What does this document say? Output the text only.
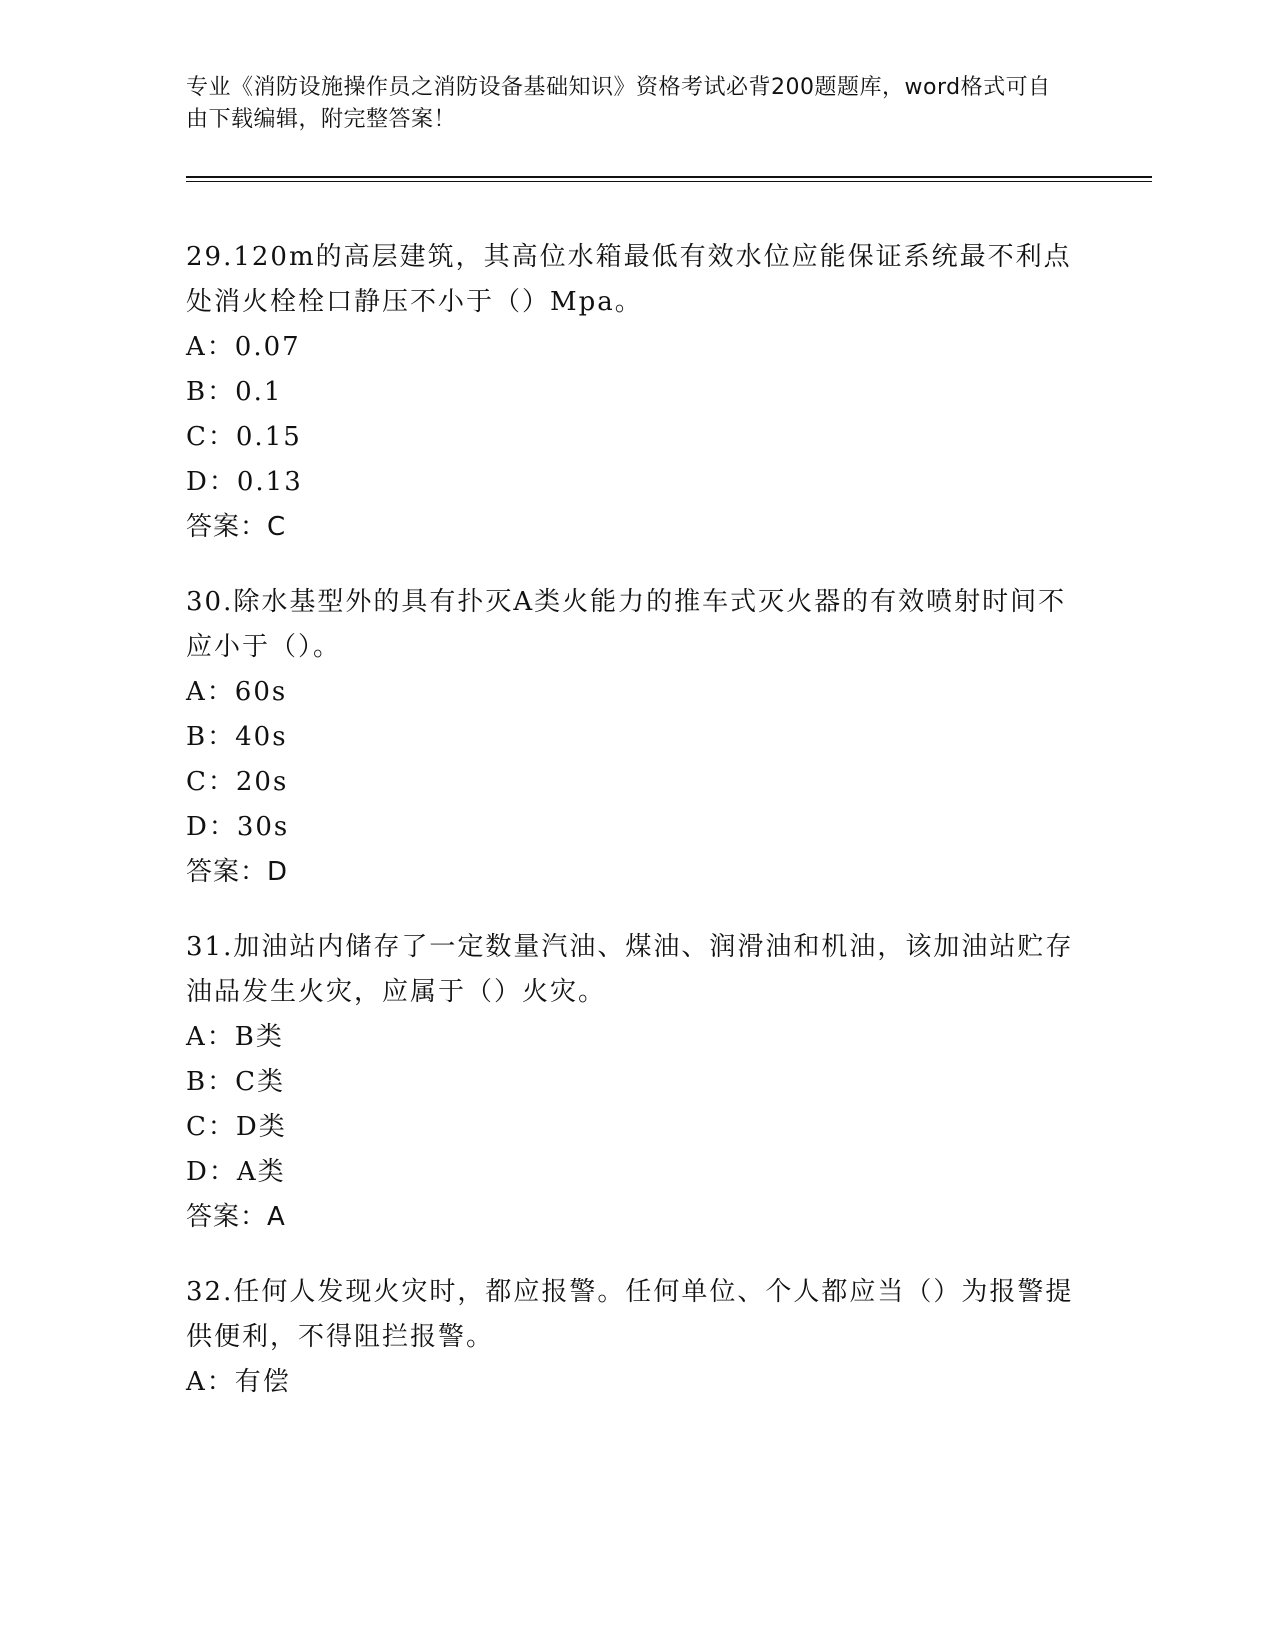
专业《消防设施操作员之消防设备基础知识》资格考试必背200题题库，word格式可自由下载编辑，附完整答案！

29.120m的高层建筑，其高位水箱最低有效水位应能保证系统最不利点处消火栓栓口静压不小于（）Mpa。

A：0.07

B：0.1

C：0.15

D：0.13

答案：C

30.除水基型外的具有扑灭A类火能力的推车式灭火器的有效喷射时间不应小于（）。

A：60s

B：40s

C：20s

D：30s

答案：D

31.加油站内储存了一定数量汽油、煤油、润滑油和机油，该加油站贮存油品发生火灾，应属于（）火灾。

A：B类

B：C类

C：D类

D：A类

答案：A

32.任何人发现火灾时，都应报警。任何单位、个人都应当（）为报警提供便利，不得阻拦报警。

A：有偿
